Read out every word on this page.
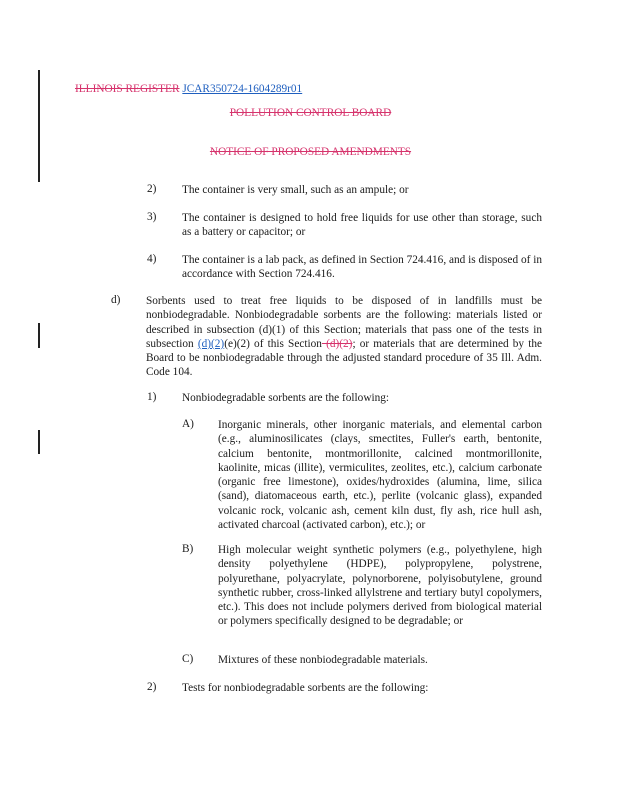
ILLINOIS REGISTER JCAR350724-1604289r01
POLLUTION CONTROL BOARD
NOTICE OF PROPOSED AMENDMENTS
2) The container is very small, such as an ampule; or
3) The container is designed to hold free liquids for use other than storage, such as a battery or capacitor; or
4) The container is a lab pack, as defined in Section 724.416, and is disposed of in accordance with Section 724.416.
d) Sorbents used to treat free liquids to be disposed of in landfills must be nonbiodegradable. Nonbiodegradable sorbents are the following: materials listed or described in subsection (d)(1) of this Section; materials that pass one of the tests in subsection (d)(2)(e)(2) of this Section (d)(2); or materials that are determined by the Board to be nonbiodegradable through the adjusted standard procedure of 35 Ill. Adm. Code 104.
1) Nonbiodegradable sorbents are the following:
A) Inorganic minerals, other inorganic materials, and elemental carbon (e.g., aluminosilicates (clays, smectites, Fuller's earth, bentonite, calcium bentonite, montmorillonite, calcined montmorillonite, kaolinite, micas (illite), vermiculites, zeolites, etc.), calcium carbonate (organic free limestone), oxides/hydroxides (alumina, lime, silica (sand), diatomaceous earth, etc.), perlite (volcanic glass), expanded volcanic rock, volcanic ash, cement kiln dust, fly ash, rice hull ash, activated charcoal (activated carbon), etc.); or
B) High molecular weight synthetic polymers (e.g., polyethylene, high density polyethylene (HDPE), polypropylene, polystrene, polyurethane, polyacrylate, polynorborene, polyisobutylene, ground synthetic rubber, cross-linked allylstrene and tertiary butyl copolymers, etc.). This does not include polymers derived from biological material or polymers specifically designed to be degradable; or
C) Mixtures of these nonbiodegradable materials.
2) Tests for nonbiodegradable sorbents are the following:
